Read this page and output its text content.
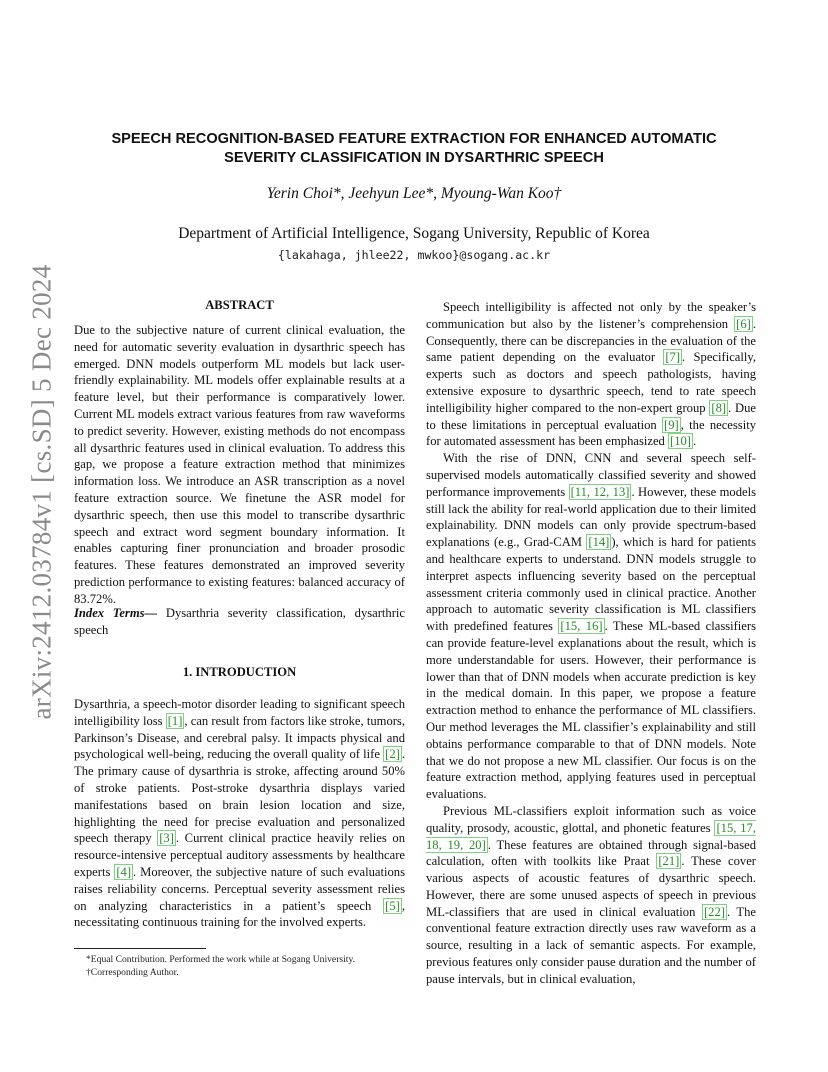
arXiv:2412.03784v1 [cs.SD] 5 Dec 2024
SPEECH RECOGNITION-BASED FEATURE EXTRACTION FOR ENHANCED AUTOMATIC
SEVERITY CLASSIFICATION IN DYSARTHRIC SPEECH
Yerin Choi*, Jeehyun Lee*, Myoung-Wan Koo†
Department of Artificial Intelligence, Sogang University, Republic of Korea
{lakahaga, jhlee22, mwkoo}@sogang.ac.kr
ABSTRACT

Due to the subjective nature of current clinical evaluation, the need for automatic severity evaluation in dysarthric speech has emerged. DNN models outperform ML models but lack user-friendly explainability. ML models offer explainable results at a feature level, but their performance is comparatively lower. Current ML models extract various features from raw waveforms to predict severity. However, existing methods do not encompass all dysarthric features used in clinical evaluation. To address this gap, we propose a feature extraction method that minimizes information loss. We introduce an ASR transcription as a novel feature extraction source. We finetune the ASR model for dysarthric speech, then use this model to transcribe dysarthric speech and extract word segment boundary information. It enables capturing finer pronunciation and broader prosodic features. These features demonstrated an improved severity prediction performance to existing features: balanced accuracy of 83.72%.

Index Terms— Dysarthria severity classification, dysarthric speech
1. INTRODUCTION

Dysarthria, a speech-motor disorder leading to significant speech intelligibility loss [1] , can result from factors like stroke, tumors, Parkinson’s Disease, and cerebral palsy. It impacts physical and psychological well-being, reducing the overall quality of life [2] . The primary cause of dysarthria is stroke, affecting around 50% of stroke patients. Post-stroke dysarthria displays varied manifestations based on brain lesion location and size, highlighting the need for precise evaluation and personalized speech therapy [3] . Current clinical practice heavily relies on resource-intensive perceptual auditory assessments by healthcare experts [4] . Moreover, the subjective nature of such evaluations raises reliability concerns. Perceptual severity assessment relies on analyzing characteristics in a patient’s speech [5] , necessitating continuous training for the involved experts.

*Equal Contribution. Performed the work while at Sogang University.
†Corresponding Author.

Speech intelligibility is affected not only by the speaker’s communication but also by the listener’s comprehension [6] . Consequently, there can be discrepancies in the evaluation of the same patient depending on the evaluator [7] . Specifically, experts such as doctors and speech pathologists, having extensive exposure to dysarthric speech, tend to rate speech intelligibility higher compared to the non-expert group [8] . Due to these limitations in perceptual evaluation [9] , the necessity for automated assessment has been emphasized [10] .

With the rise of DNN, CNN and several speech self-supervised models automatically classified severity and showed performance improvements [11, 12, 13] . However, these models still lack the ability for real-world application due to their limited explainability. DNN models can only provide spectrum-based explanations (e.g., Grad-CAM [14] ), which is hard for patients and healthcare experts to understand. DNN models struggle to interpret aspects influencing severity based on the perceptual assessment criteria commonly used in clinical practice. Another approach to automatic severity classification is ML classifiers with predefined features [15, 16] . These ML-based classifiers can provide feature-level explanations about the result, which is more understandable for users. However, their performance is lower than that of DNN models when accurate prediction is key in the medical domain. In this paper, we propose a feature extraction method to enhance the performance of ML classifiers. Our method leverages the ML classifier’s explainability and still obtains performance comparable to that of DNN models. Note that we do not propose a new ML classifier. Our focus is on the feature extraction method, applying features used in perceptual evaluations.

Previous ML-classifiers exploit information such as voice quality, prosody, acoustic, glottal, and phonetic features [15, 17, 18, 19, 20] . These features are obtained through signal-based calculation, often with toolkits like Praat [21] . These cover various aspects of acoustic features of dysarthric speech. However, there are some unused aspects of speech in previous ML-classifiers that are used in clinical evaluation [22] . The conventional feature extraction directly uses raw waveform as a source, resulting in a lack of semantic aspects. For example, previous features only consider pause duration and the number of pause intervals, but in clinical evaluation,
